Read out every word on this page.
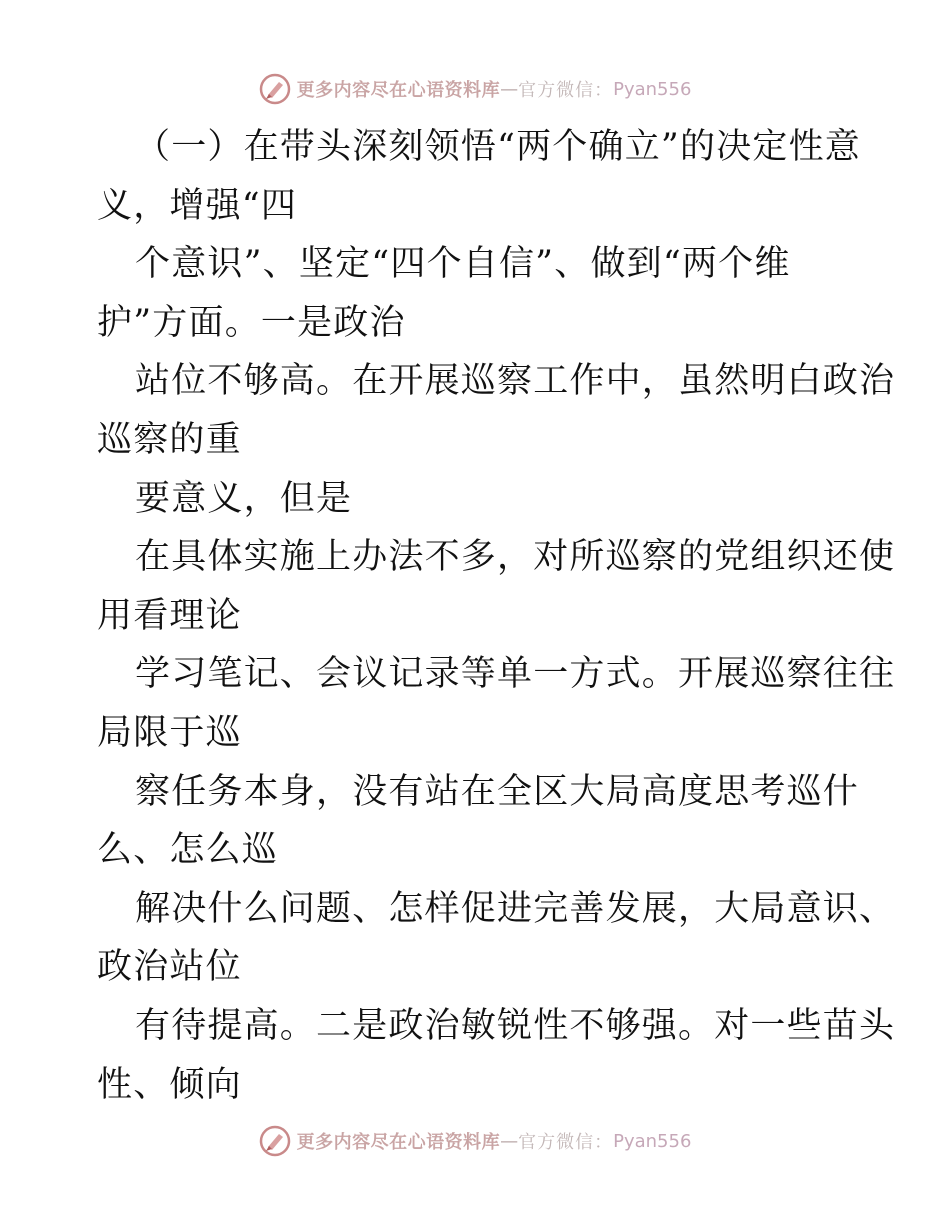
更多内容尽在心语资料库 — 官方微信： Pyan556
（一）在带头深刻领悟“两个确立”的决定性意
义，增强“四
个意识”、坚定“四个自信”、做到“两个维
护”方面。一是政治
站位不够高。在开展巡察工作中，虽然明白政治
巡察的重
要意义，但是
在具体实施上办法不多，对所巡察的党组织还使
用看理论
学习笔记、会议记录等单一方式。开展巡察往往
局限于巡
察任务本身，没有站在全区大局高度思考巡什
么、怎么巡
解决什么问题、怎样促进完善发展，大局意识、
政治站位
有待提高。二是政治敏锐性不够强。对一些苗头
性、倾向
更多内容尽在心语资料库 — 官方微信： Pyan556
